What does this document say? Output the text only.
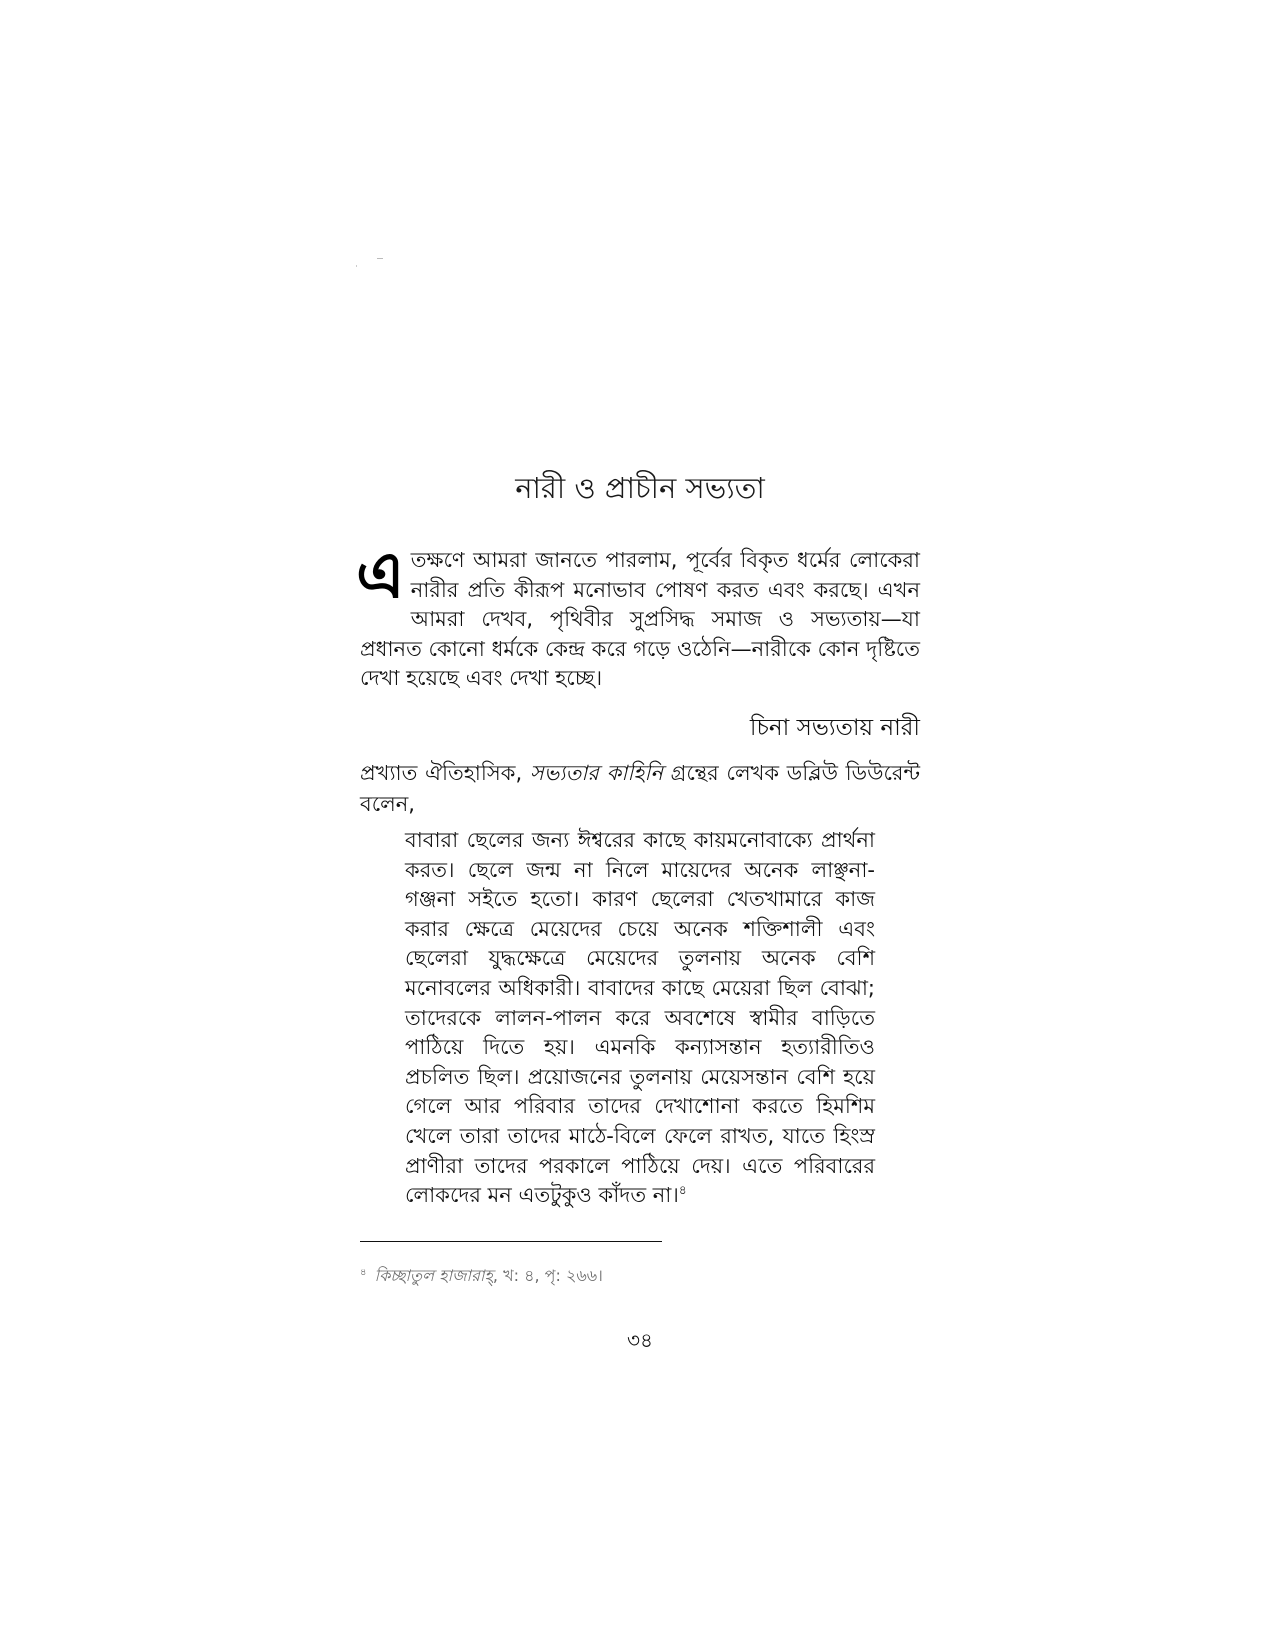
নারী ও প্রাচীন সভ্যতা

এতক্ষণে আমরা জানতে পারলাম, পূর্বের বিকৃত ধর্মের লোকেরা নারীর প্রতি কীরূপ মনোভাব পোষণ করত এবং করছে। এখন আমরা দেখব, পৃথিবীর সুপ্রসিদ্ধ সমাজ ও সভ্যতায়—যা প্রধানত কোনো ধর্মকে কেন্দ্র করে গড়ে ওঠেনি—নারীকে কোন দৃষ্টিতে দেখা হয়েছে এবং দেখা হচ্ছে।

চিনা সভ্যতায় নারী

প্রখ্যাত ঐতিহাসিক, সভ্যতার কাহিনি গ্রন্থের লেখক ডব্লিউ ডিউরেন্ট বলেন,

বাবারা ছেলের জন্য ঈশ্বরের কাছে কায়মনোবাক্যে প্রার্থনা করত। ছেলে জন্ম না নিলে মায়েদের অনেক লাঞ্ছনা-গঞ্জনা সইতে হতো। কারণ ছেলেরা খেতখামারে কাজ করার ক্ষেত্রে মেয়েদের চেয়ে অনেক শক্তিশালী এবং ছেলেরা যুদ্ধক্ষেত্রে মেয়েদের তুলনায় অনেক বেশি মনোবলের অধিকারী। বাবাদের কাছে মেয়েরা ছিল বোঝা; তাদেরকে লালন-পালন করে অবশেষে স্বামীর বাড়িতে পাঠিয়ে দিতে হয়। এমনকি কন্যাসন্তান হত্যারীতিও প্রচলিত ছিল। প্রয়োজনের তুলনায় মেয়েসন্তান বেশি হয়ে গেলে আর পরিবার তাদের দেখাশোনা করতে হিমশিম খেলে তারা তাদের মাঠে-বিলে ফেলে রাখত, যাতে হিংস্র প্রাণীরা তাদের পরকালে পাঠিয়ে দেয়। এতে পরিবারের লোকদের মন এতটুকুও কাঁদত না।$^৪$

$^৪$ কিচ্ছাতুল হাজারাহ্, খ: ৪, পৃ: ২৬৬।

৩৪
